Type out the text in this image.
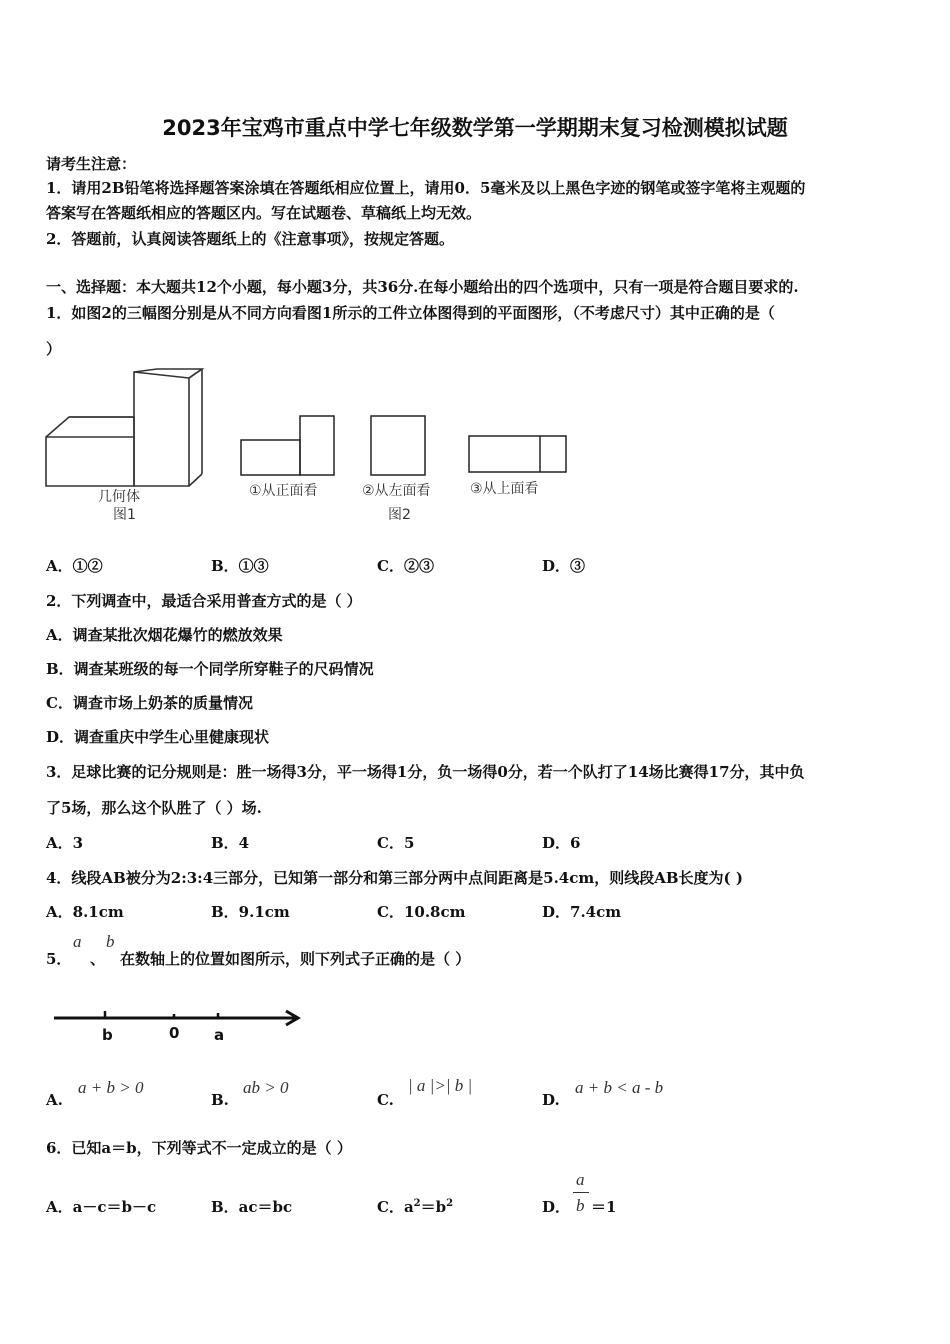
2023年宝鸡市重点中学七年级数学第一学期期末复习检测模拟试题
请考生注意：
1．请用2B铅笔将选择题答案涂填在答题纸相应位置上，请用0．5毫米及以上黑色字迹的钢笔或签字笔将主观题的
答案写在答题纸相应的答题区内。写在试题卷、草稿纸上均无效。
2．答题前，认真阅读答题纸上的《注意事项》，按规定答题。
一、选择题：本大题共12个小题，每小题3分，共36分.在每小题给出的四个选项中，只有一项是符合题目要求的.
1．如图2的三幅图分别是从不同方向看图1所示的工件立体图得到的平面图形，（不考虑尺寸）其中正确的是（
）
几何体
图1
①从正面看	②从左面看	③从上面看
图2
A．①②	B．①③	C．②③	D．③
2．下列调查中，最适合采用普查方式的是（ ）
A．调查某批次烟花爆竹的燃放效果
B．调查某班级的每一个同学所穿鞋子的尺码情况
C．调查市场上奶茶的质量情况
D．调查重庆中学生心里健康现状
3．足球比赛的记分规则是：胜一场得3分，平一场得1分，负一场得0分，若一个队打了14场比赛得17分，其中负
了5场，那么这个队胜了（ ）场.
A．3	B．4	C．5	D．6
4．线段AB被分为2:3:4三部分，已知第一部分和第三部分两中点间距离是5.4cm，则线段AB长度为( )
A．8.1cm	B．9.1cm	C．10.8cm	D．7.4cm
5．
a
、
b
在数轴上的位置如图所示，则下列式子正确的是（ ）
b	0 a
A.
a + b > 0
B.
ab > 0
C.
| a |>| b |
D.
a + b < a - b
6．已知a＝b，下列等式不一定成立的是（ ）
A．a－c＝b－c	B．ac＝bc	C．$a^2=b^2$	D．
a
b ＝1
